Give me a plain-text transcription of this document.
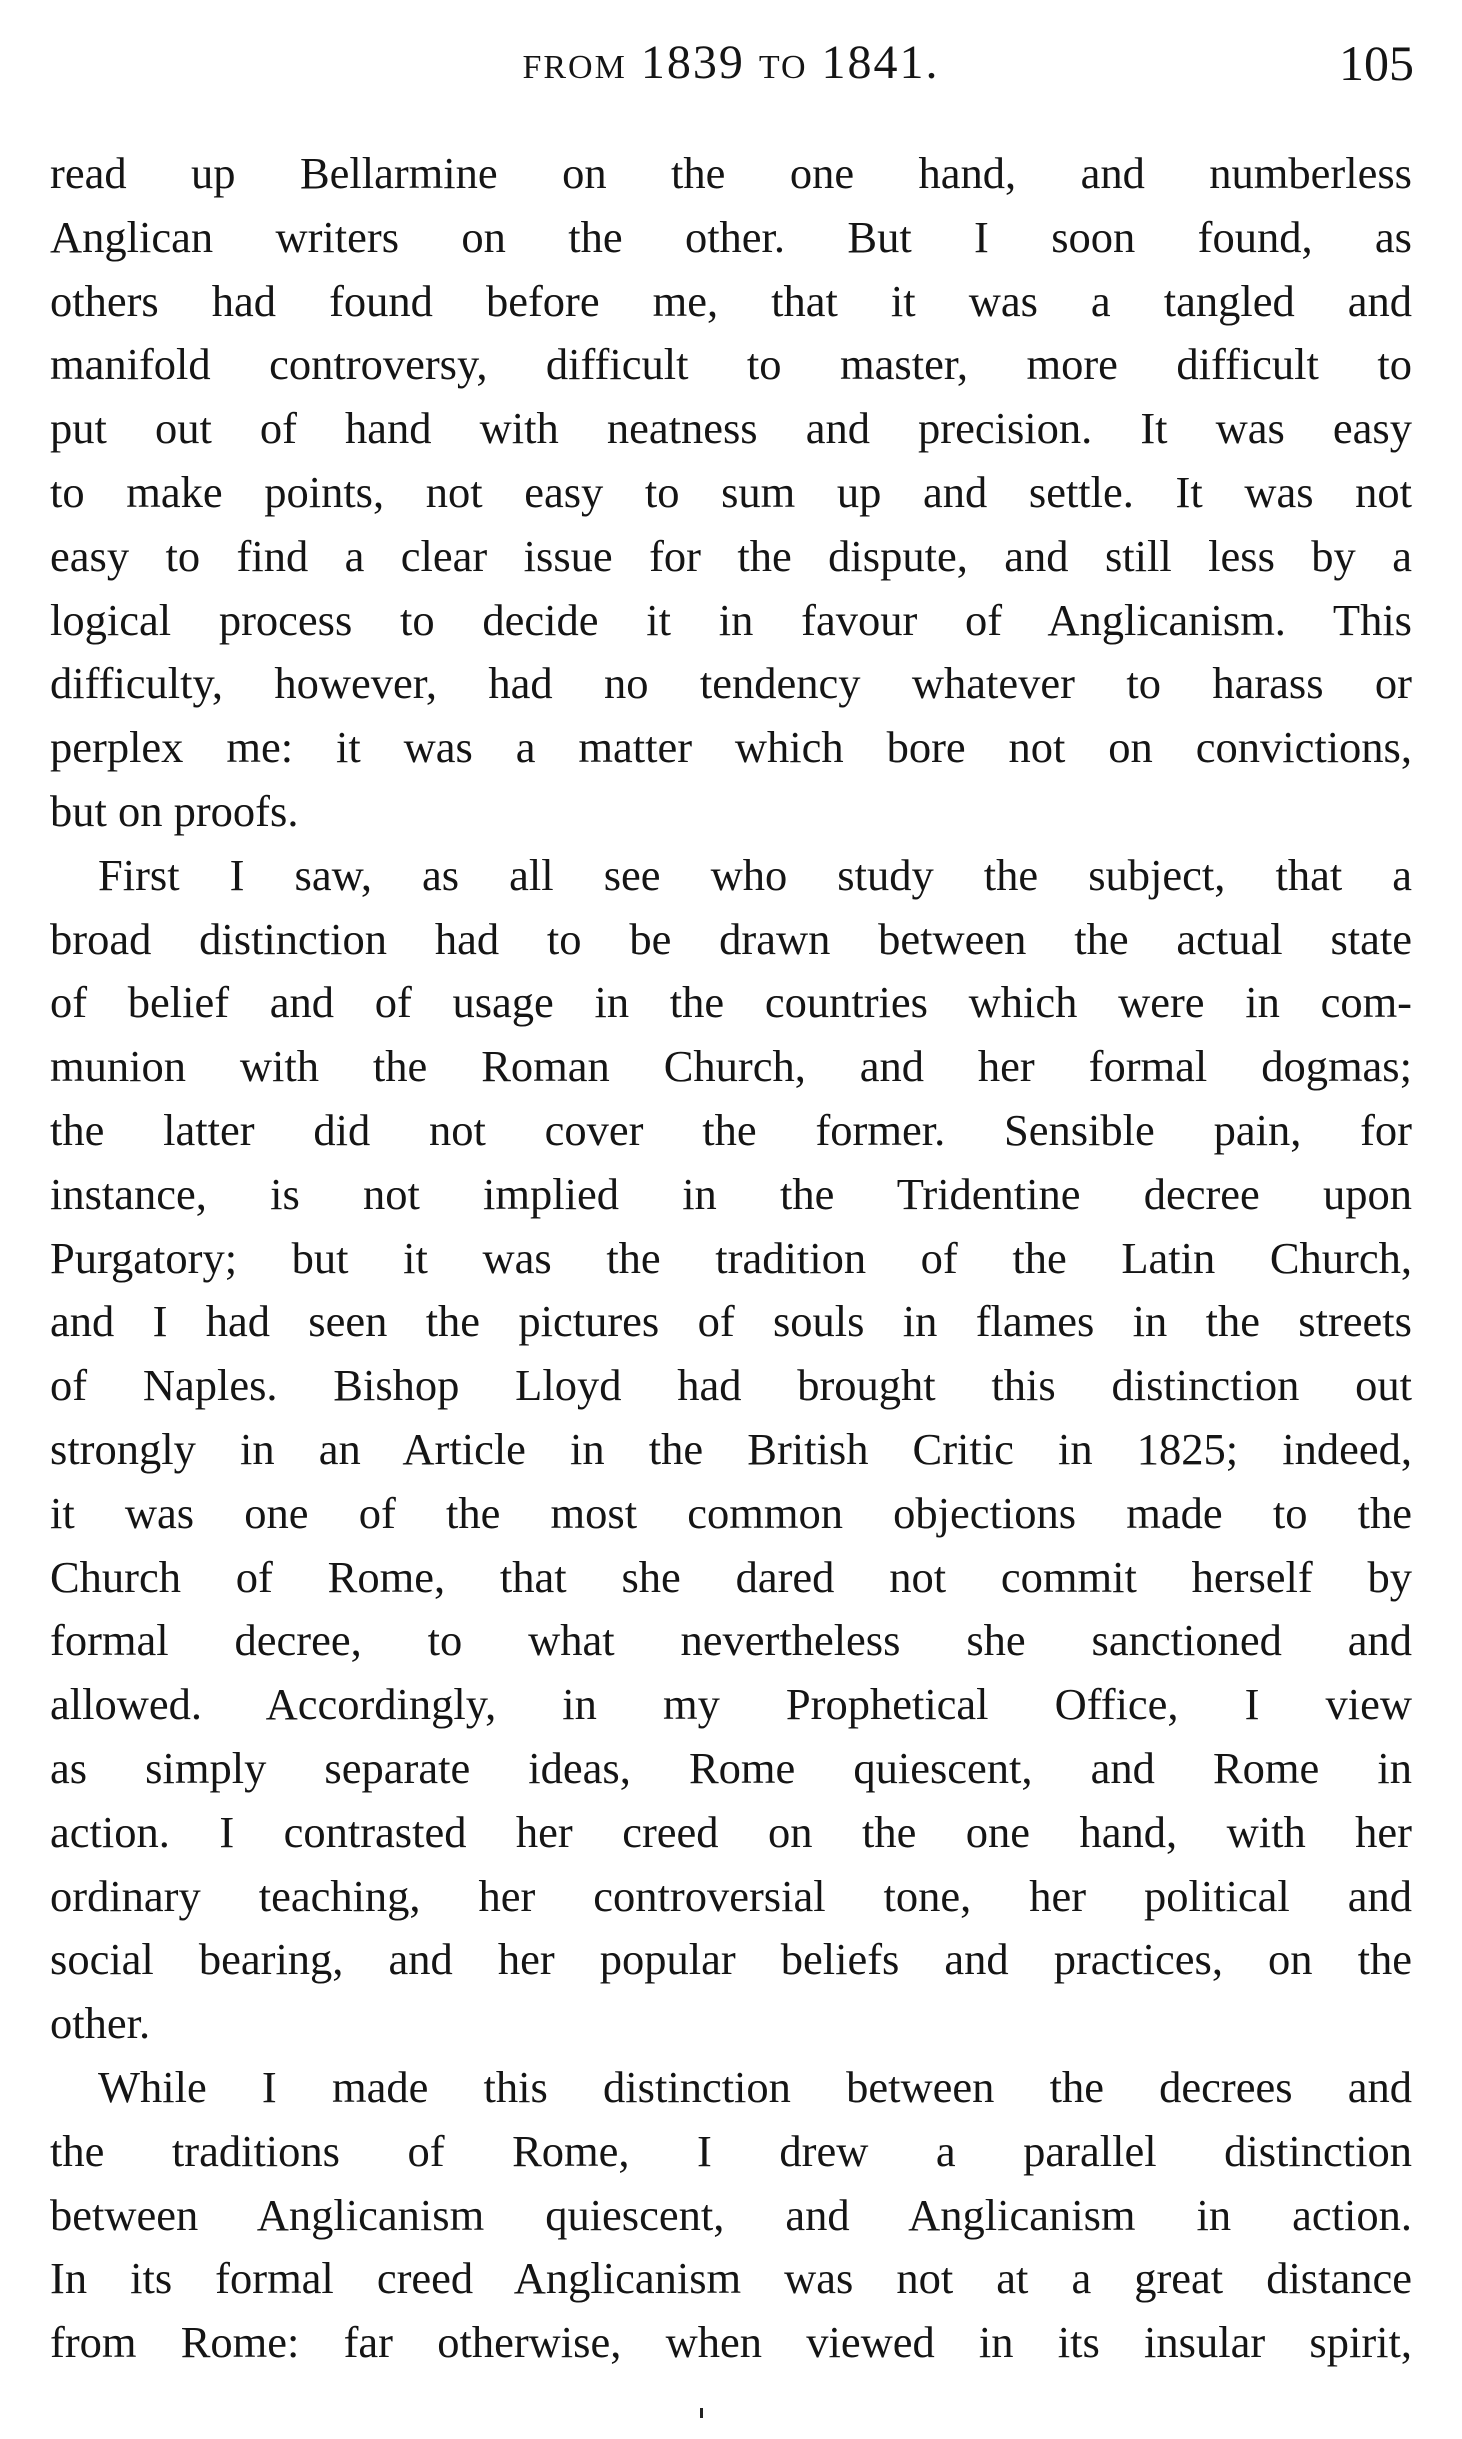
from 1839 to 1841.	105
read up Bellarmine on the one hand, and numberless
Anglican writers on the other. But I soon found, as
others had found before me, that it was a tangled and
manifold controversy, difficult to master, more difficult to
put out of hand with neatness and precision. It was easy
to make points, not easy to sum up and settle. It was not
easy to find a clear issue for the dispute, and still less by a
logical process to decide it in favour of Anglicanism. This
difficulty, however, had no tendency whatever to harass or
perplex me: it was a matter which bore not on convictions,
but on proofs.
First I saw, as all see who study the subject, that a
broad distinction had to be drawn between the actual state
of belief and of usage in the countries which were in com-
munion with the Roman Church, and her formal dogmas;
the latter did not cover the former. Sensible pain, for
instance, is not implied in the Tridentine decree upon
Purgatory; but it was the tradition of the Latin Church,
and I had seen the pictures of souls in flames in the streets
of Naples. Bishop Lloyd had brought this distinction out
strongly in an Article in the British Critic in 1825; indeed,
it was one of the most common objections made to the
Church of Rome, that she dared not commit herself by
formal decree, to what nevertheless she sanctioned and
allowed. Accordingly, in my Prophetical Office, I view
as simply separate ideas, Rome quiescent, and Rome in
action. I contrasted her creed on the one hand, with her
ordinary teaching, her controversial tone, her political and
social bearing, and her popular beliefs and practices, on the
other.
While I made this distinction between the decrees and
the traditions of Rome, I drew a parallel distinction
between Anglicanism quiescent, and Anglicanism in action.
In its formal creed Anglicanism was not at a great distance
from Rome: far otherwise, when viewed in its insular spirit,
